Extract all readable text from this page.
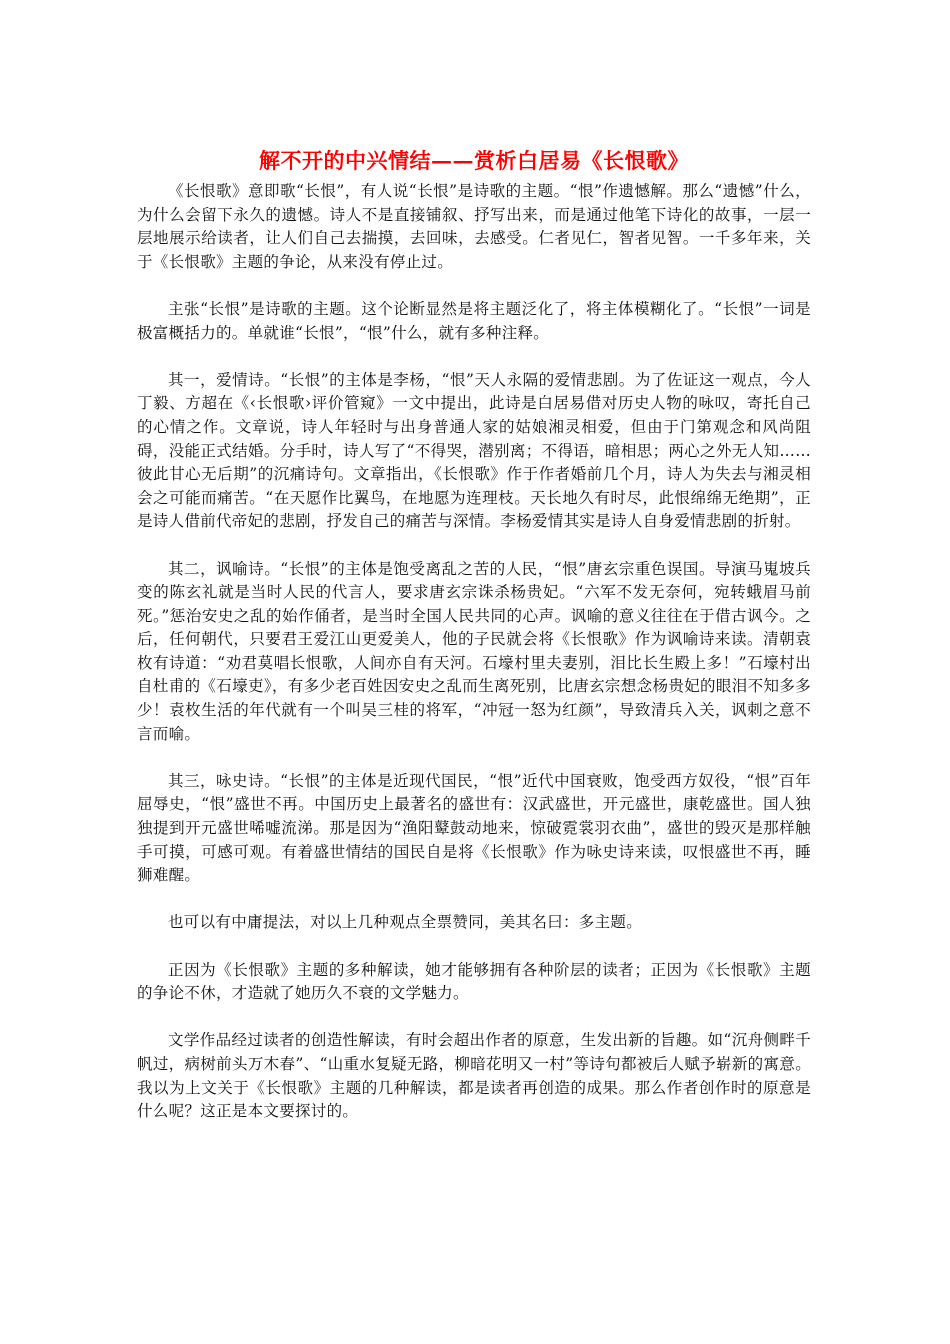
解不开的中兴情结——赏析白居易《长恨歌》

《长恨歌》意即歌“长恨”，有人说“长恨”是诗歌的主题。“恨”作遗憾解。那么“遗憾”什么，为什么会留下永久的遗憾。诗人不是直接铺叙、抒写出来，而是通过他笔下诗化的故事，一层一层地展示给读者，让人们自己去揣摸，去回味，去感受。仁者见仁，智者见智。一千多年来，关于《长恨歌》主题的争论，从来没有停止过。

主张“长恨”是诗歌的主题。这个论断显然是将主题泛化了，将主体模糊化了。“长恨”一词是极富概括力的。单就谁“长恨”，“恨”什么，就有多种注释。

其一，爱情诗。“长恨”的主体是李杨，“恨”天人永隔的爱情悲剧。为了佐证这一观点，今人丁毅、方超在《‹长恨歌›评价管窥》一文中提出，此诗是白居易借对历史人物的咏叹，寄托自己的心情之作。文章说，诗人年轻时与出身普通人家的姑娘湘灵相爱，但由于门第观念和风尚阻碍，没能正式结婚。分手时，诗人写了“不得哭，潜别离；不得语，暗相思；两心之外无人知……彼此甘心无后期”的沉痛诗句。文章指出，《长恨歌》作于作者婚前几个月，诗人为失去与湘灵相会之可能而痛苦。“在天愿作比翼鸟，在地愿为连理枝。天长地久有时尽，此恨绵绵无绝期”，正是诗人借前代帝妃的悲剧，抒发自己的痛苦与深情。李杨爱情其实是诗人自身爱情悲剧的折射。

其二，讽喻诗。“长恨”的主体是饱受离乱之苦的人民，“恨”唐玄宗重色误国。导演马嵬坡兵变的陈玄礼就是当时人民的代言人，要求唐玄宗诛杀杨贵妃。“六军不发无奈何，宛转蛾眉马前死。”惩治安史之乱的始作俑者，是当时全国人民共同的心声。讽喻的意义往往在于借古讽今。之后，任何朝代，只要君王爱江山更爱美人，他的子民就会将《长恨歌》作为讽喻诗来读。清朝袁枚有诗道：“劝君莫唱长恨歌，人间亦自有天河。石壕村里夫妻别，泪比长生殿上多！”石壕村出自杜甫的《石壕吏》，有多少老百姓因安史之乱而生离死别，比唐玄宗想念杨贵妃的眼泪不知多多少！袁枚生活的年代就有一个叫吴三桂的将军，“冲冠一怒为红颜”，导致清兵入关，讽刺之意不言而喻。

其三，咏史诗。“长恨”的主体是近现代国民，“恨”近代中国衰败，饱受西方奴役，“恨”百年屈辱史，“恨”盛世不再。中国历史上最著名的盛世有：汉武盛世，开元盛世，康乾盛世。国人独独提到开元盛世唏嘘流涕。那是因为“渔阳鼙鼓动地来，惊破霓裳羽衣曲”，盛世的毁灭是那样触手可摸，可感可观。有着盛世情结的国民自是将《长恨歌》作为咏史诗来读，叹恨盛世不再，睡狮难醒。

也可以有中庸提法，对以上几种观点全票赞同，美其名曰：多主题。

正因为《长恨歌》主题的多种解读，她才能够拥有各种阶层的读者；正因为《长恨歌》主题的争论不休，才造就了她历久不衰的文学魅力。

文学作品经过读者的创造性解读，有时会超出作者的原意，生发出新的旨趣。如“沉舟侧畔千帆过，病树前头万木春”、“山重水复疑无路，柳暗花明又一村”等诗句都被后人赋予崭新的寓意。我以为上文关于《长恨歌》主题的几种解读，都是读者再创造的成果。那么作者创作时的原意是什么呢？这正是本文要探讨的。
